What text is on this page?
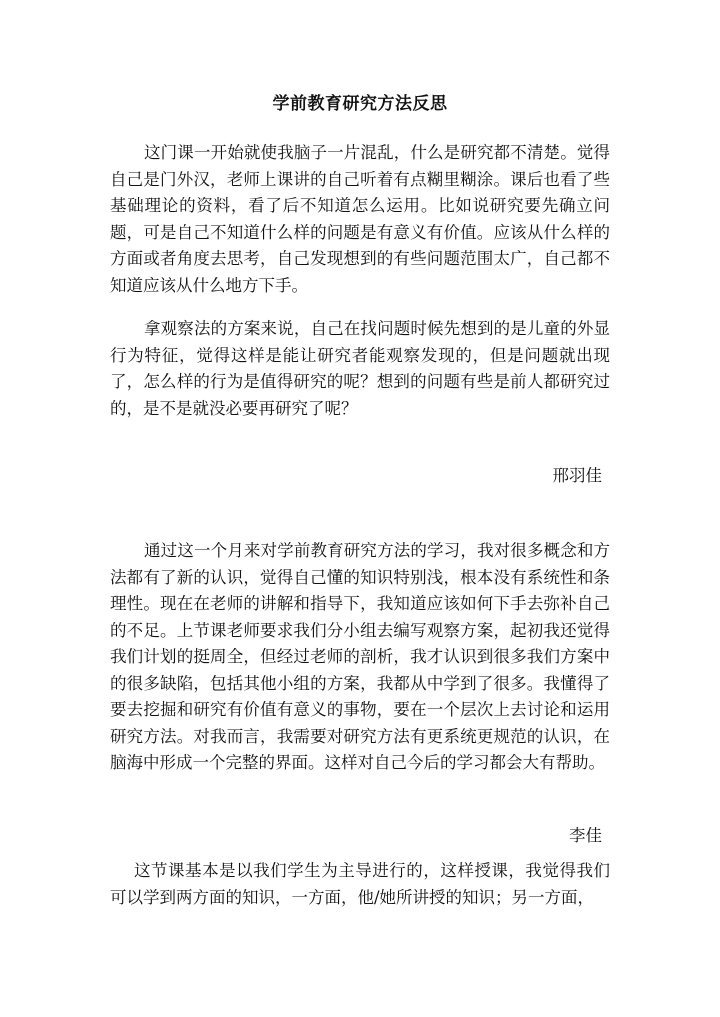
学前教育研究方法反思

这门课一开始就使我脑子一片混乱，什么是研究都不清楚。觉得自己是门外汉，老师上课讲的自己听着有点糊里糊涂。课后也看了些基础理论的资料，看了后不知道怎么运用。比如说研究要先确立问题，可是自己不知道什么样的问题是有意义有价值。应该从什么样的方面或者角度去思考，自己发现想到的有些问题范围太广，自己都不知道应该从什么地方下手。

拿观察法的方案来说，自己在找问题时候先想到的是儿童的外显行为特征，觉得这样是能让研究者能观察发现的，但是问题就出现了，怎么样的行为是值得研究的呢？想到的问题有些是前人都研究过的，是不是就没必要再研究了呢？

邢羽佳

通过这一个月来对学前教育研究方法的学习，我对很多概念和方法都有了新的认识，觉得自己懂的知识特别浅，根本没有系统性和条理性。现在在老师的讲解和指导下，我知道应该如何下手去弥补自己的不足。上节课老师要求我们分小组去编写观察方案，起初我还觉得我们计划的挺周全，但经过老师的剖析，我才认识到很多我们方案中的很多缺陷，包括其他小组的方案，我都从中学到了很多。我懂得了要去挖掘和研究有价值有意义的事物，要在一个层次上去讨论和运用研究方法。对我而言，我需要对研究方法有更系统更规范的认识，在脑海中形成一个完整的界面。这样对自己今后的学习都会大有帮助。

李佳

这节课基本是以我们学生为主导进行的，这样授课，我觉得我们可以学到两方面的知识，一方面，他/她所讲授的知识；另一方面，
